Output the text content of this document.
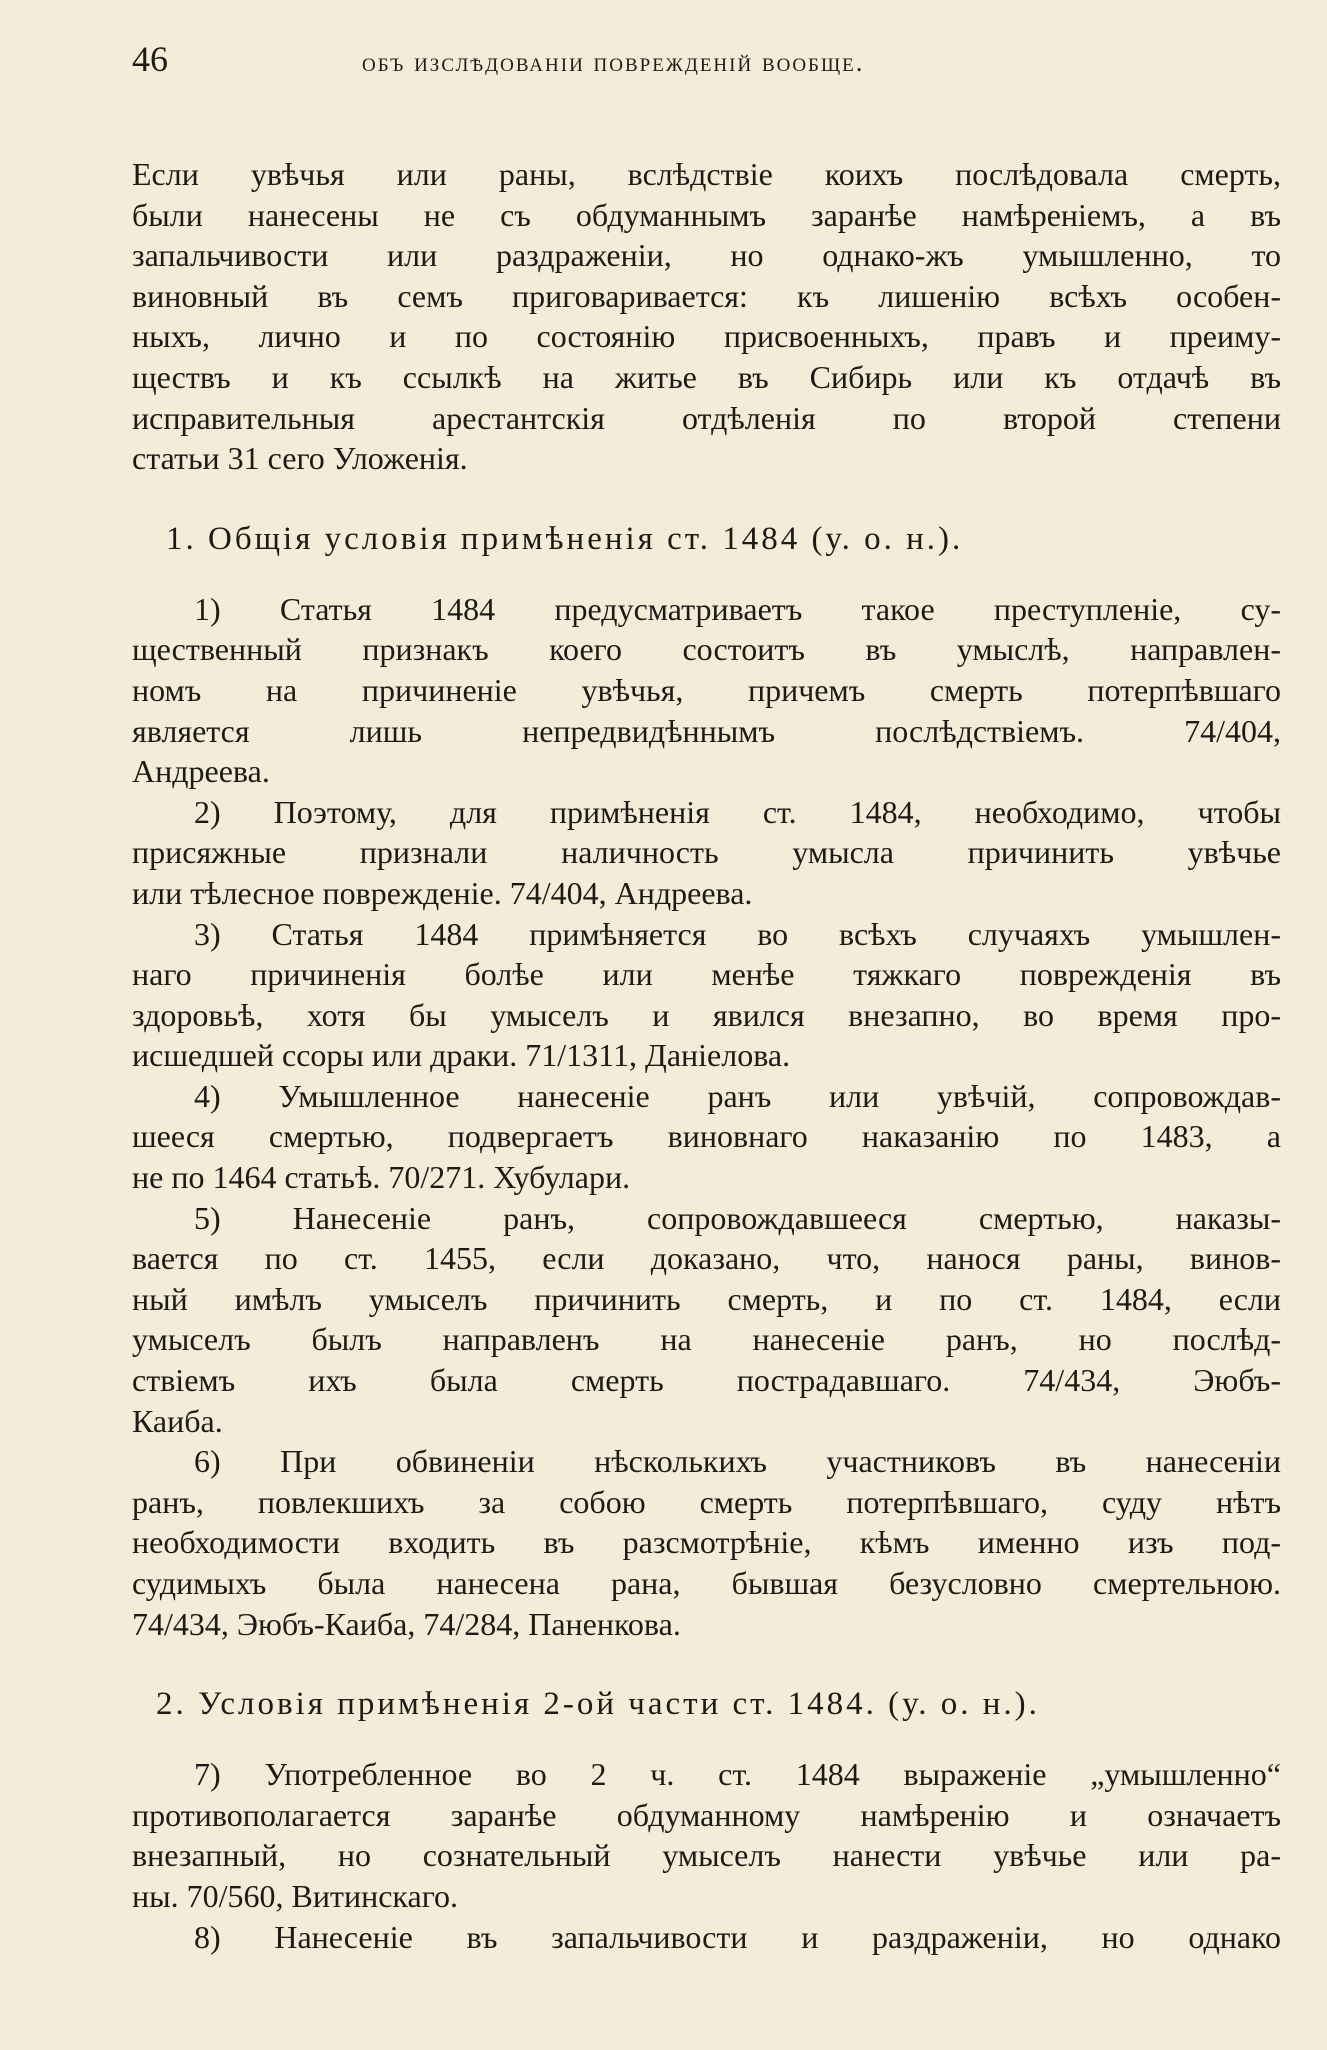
46	объ изслѣдованіи поврежденій вообще.
Если увѣчья или раны, вслѣдствіе коихъ послѣдовала смерть,
были нанесены не съ обдуманнымъ заранѣе намѣреніемъ, а въ
запальчивости или раздраженіи, но однако-жъ умышленно, то
виновный въ семъ приговаривается: къ лишенію всѣхъ особен-
ныхъ, лично и по состоянію присвоенныхъ, правъ и преиму-
ществъ и къ ссылкѣ на житье въ Сибирь или къ отдачѣ въ
исправительныя арестантскія отдѣленія по второй степени
статьи 31 сего Уложенія.
1. Общія условія примѣненія ст. 1484 (у. о. н.).
1) Статья 1484 предусматриваетъ такое преступленіе, су-
щественный признакъ коего состоитъ въ умыслѣ, направлен-
номъ на причиненіе увѣчья, причемъ смерть потерпѣвшаго
является лишь непредвидѣннымъ послѣдствіемъ. 74/404,
Андреева.
2) Поэтому, для примѣненія ст. 1484, необходимо, чтобы
присяжные признали наличность умысла причинить увѣчье
или тѣлесное поврежденіе. 74/404, Андреева.
3) Статья 1484 примѣняется во всѣхъ случаяхъ умышлен-
наго причиненія болѣе или менѣе тяжкаго поврежденія въ
здоровьѣ, хотя бы умыселъ и явился внезапно, во время про-
исшедшей ссоры или драки. 71/1311, Даніелова.
4) Умышленное нанесеніе ранъ или увѣчій, сопровождав-
шееся смертью, подвергаетъ виновнаго наказанію по 1483, а
не по 1464 статьѣ. 70/271. Хубулари.
5) Нанесеніе ранъ, сопровождавшееся смертью, наказы-
вается по ст. 1455, если доказано, что, нанося раны, винов-
ный имѣлъ умыселъ причинить смерть, и по ст. 1484, если
умыселъ былъ направленъ на нанесеніе ранъ, но послѣд-
ствіемъ ихъ была смерть пострадавшаго. 74/434, Эюбъ-
Каиба.
6) При обвиненіи нѣсколькихъ участниковъ въ нанесеніи
ранъ, повлекшихъ за собою смерть потерпѣвшаго, суду нѣтъ
необходимости входить въ разсмотрѣніе, кѣмъ именно изъ под-
судимыхъ была нанесена рана, бывшая безусловно смертельною.
74/434, Эюбъ-Каиба, 74/284, Паненкова.
2. Условія примѣненія 2-ой части ст. 1484. (у. о. н.).
7) Употребленное во 2 ч. ст. 1484 выраженіе „умышленно“
противополагается заранѣе обдуманному намѣренію и означаетъ
внезапный, но сознательный умыселъ нанести увѣчье или ра-
ны. 70/560, Витинскаго.
8) Нанесеніе въ запальчивости и раздраженіи, но однако
